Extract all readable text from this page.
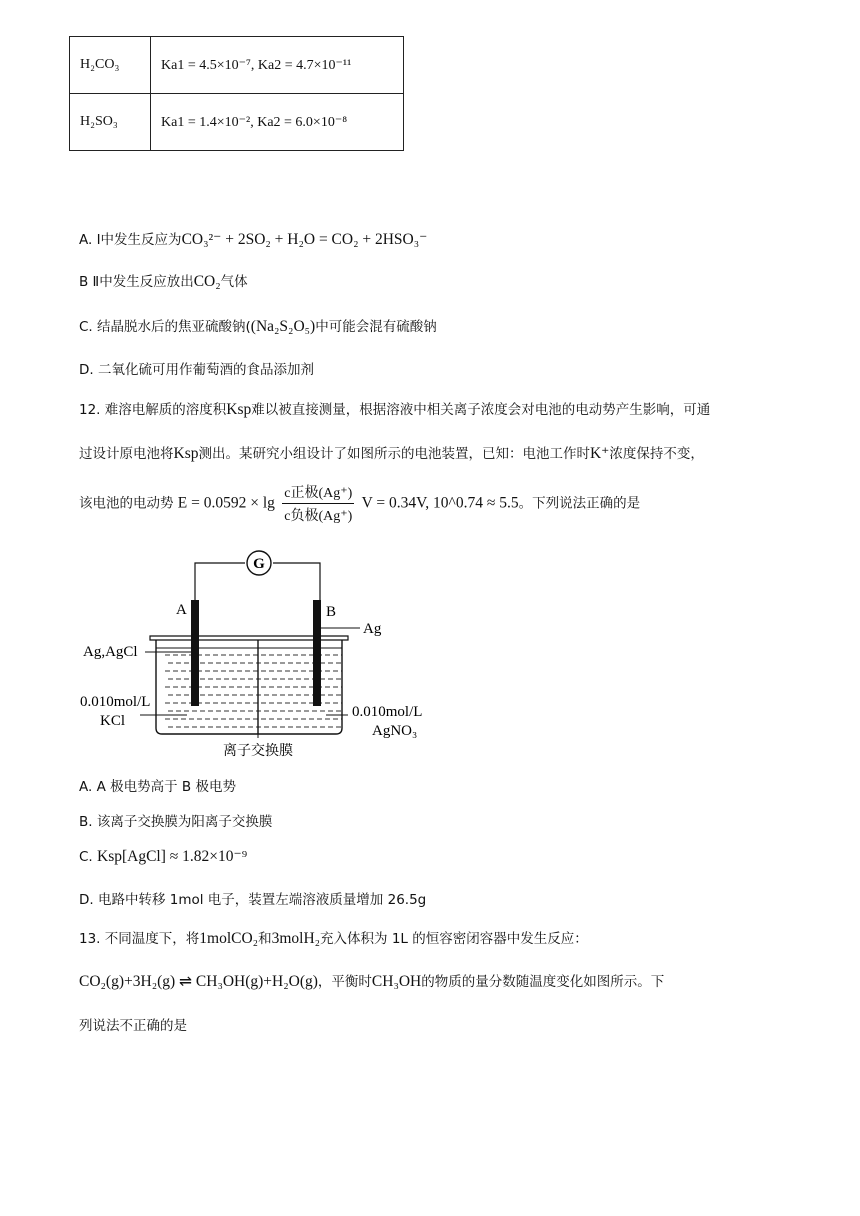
H₂CO₃	Ka1 = 4.5×10⁻⁷, Ka2 = 4.7×10⁻¹¹
H₂SO₃	Ka1 = 1.4×10⁻², Ka2 = 6.0×10⁻⁸
A. Ⅰ中发生反应为CO₃²⁻ + 2SO₂ + H₂O = CO₂ + 2HSO₃⁻
B Ⅱ中发生反应放出CO₂气体
C. 结晶脱水后的焦亚硫酸钠((Na₂S₂O₅)中可能会混有硫酸钠
D. 二氧化硫可用作葡萄酒的食品添加剂
12. 难溶电解质的溶度积Ksp难以被直接测量，根据溶液中相关离子浓度会对电池的电动势产生影响，可通
过设计原电池将Ksp测出。某研究小组设计了如图所示的电池装置，已知：电池工作时K⁺浓度保持不变，
该电池的电动势 $E = 0.0592 \times \lg \frac{\text{c正极(Ag⁺)}}{\text{c负极(Ag⁺)}}$ V = 0.34V, 10^0.74 ≈ 5.5。下列说法正确的是
G
A	B
Ag
Ag,AgCl
0.010mol/L
KCl
0.010mol/L
AgNO₃
离子交换膜
A. A 极电势高于 B 极电势
B. 该离子交换膜为阳离子交换膜
C. Ksp[AgCl] ≈ 1.82×10⁻⁹
D. 电路中转移 1mol 电子，装置左端溶液质量增加 26.5g
13. 不同温度下，将1molCO₂和3molH₂充入体积为 1L 的恒容密闭容器中发生反应：
CO₂(g)+3H₂(g) ⇌ CH₃OH(g)+H₂O(g)，平衡时CH₃OH的物质的量分数随温度变化如图所示。下
列说法不正确的是
